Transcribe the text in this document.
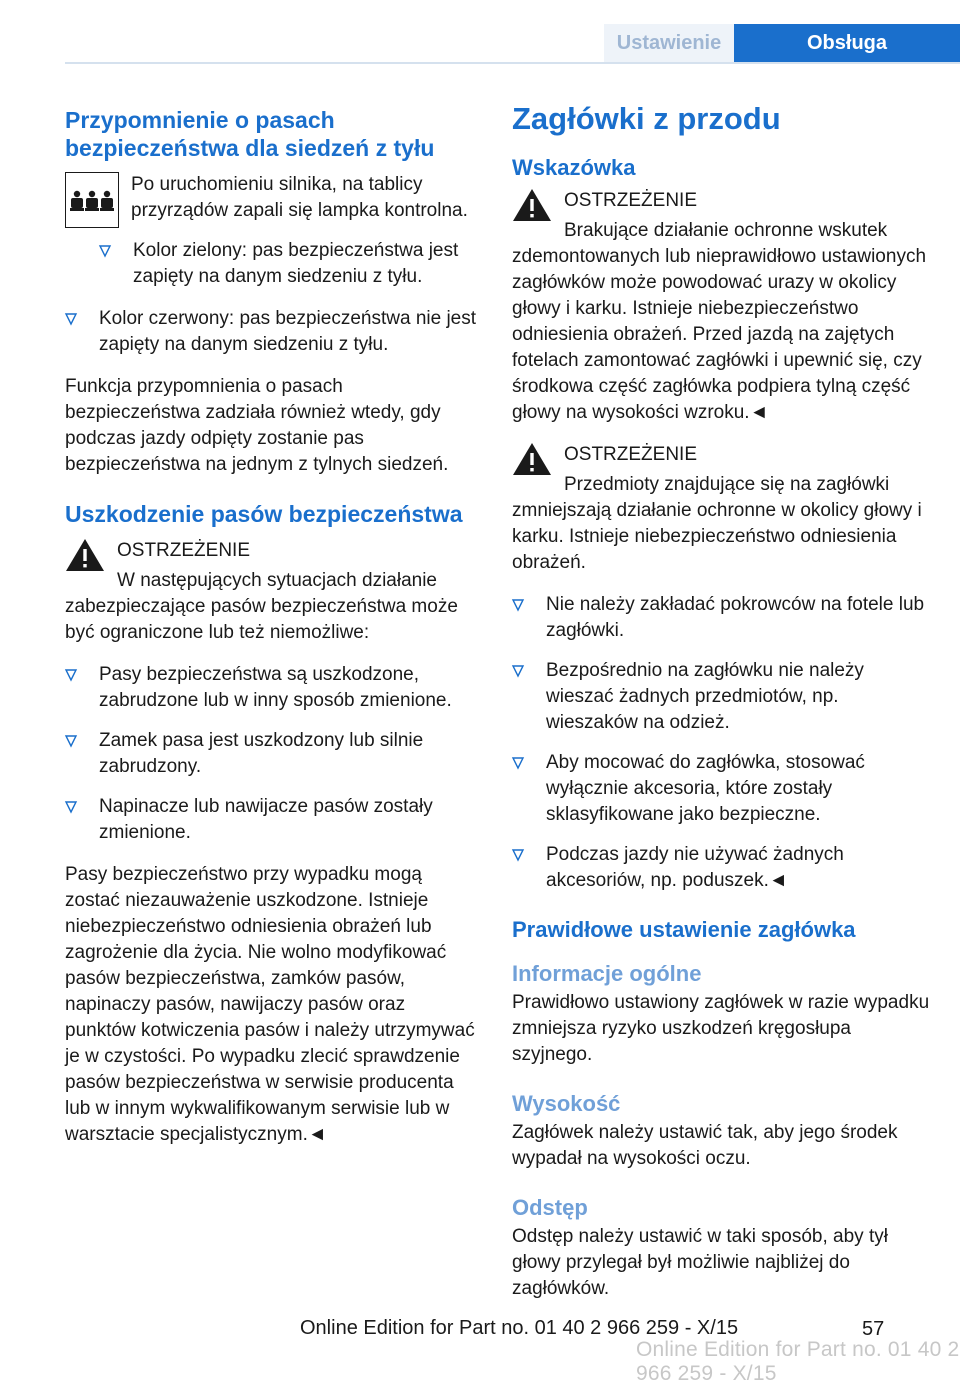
Ustawienie	Obsługa
Przypomnienie o pasach bezpieczeństwa dla siedzeń z tyłu
Po uruchomieniu silnika, na tablicy przyrządów zapali się lampka kontrolna.
Kolor zielony: pas bezpieczeństwa jest zapięty na danym siedzeniu z tyłu.
Kolor czerwony: pas bezpieczeństwa nie jest zapięty na danym siedzeniu z tyłu.
Funkcja przypomnienia o pasach bezpieczeństwa zadziała również wtedy, gdy podczas jazdy odpięty zostanie pas bezpieczeństwa na jednym z tylnych siedzeń.
Uszkodzenie pasów bezpieczeństwa
OSTRZEŻENIE
W następujących sytuacjach działanie zabezpieczające pasów bezpieczeństwa może być ograniczone lub też niemożliwe:
Pasy bezpieczeństwa są uszkodzone, zabrudzone lub w inny sposób zmienione.
Zamek pasa jest uszkodzony lub silnie zabrudzony.
Napinacze lub nawijacze pasów zostały zmienione.
Pasy bezpieczeństwo przy wypadku mogą zostać niezauważenie uszkodzone. Istnieje niebezpieczeństwo odniesienia obrażeń lub zagrożenie dla życia. Nie wolno modyfikować pasów bezpieczeństwa, zamków pasów, napinaczy pasów, nawijaczy pasów oraz punktów kotwiczenia pasów i należy utrzymywać je w czystości. Po wypadku zlecić sprawdzenie pasów bezpieczeństwa w serwisie producenta lub w innym wykwalifikowanym serwisie lub w warsztacie specjalistycznym.◄
Zagłówki z przodu
Wskazówka
OSTRZEŻENIE
Brakujące działanie ochronne wskutek zdemontowanych lub nieprawidłowo ustawionych zagłówków może powodować urazy w okolicy głowy i karku. Istnieje niebezpieczeństwo odniesienia obrażeń. Przed jazdą na zajętych fotelach zamontować zagłówki i upewnić się, czy środkowa część zagłówka podpiera tylną część głowy na wysokości wzroku.◄
OSTRZEŻENIE
Przedmioty znajdujące się na zagłówki zmniejszają działanie ochronne w okolicy głowy i karku. Istnieje niebezpieczeństwo odniesienia obrażeń.
Nie należy zakładać pokrowców na fotele lub zagłówki.
Bezpośrednio na zagłówku nie należy wieszać żadnych przedmiotów, np. wieszaków na odzież.
Aby mocować do zagłówka, stosować wyłącznie akcesoria, które zostały sklasyfikowane jako bezpieczne.
Podczas jazdy nie używać żadnych akcesoriów, np. poduszek.◄
Prawidłowe ustawienie zagłówka
Informacje ogólne
Prawidłowo ustawiony zagłówek w razie wypadku zmniejsza ryzyko uszkodzeń kręgosłupa szyjnego.
Wysokość
Zagłówek należy ustawić tak, aby jego środek wypadał na wysokości oczu.
Odstęp
Odstęp należy ustawić w taki sposób, aby tył głowy przylegał był możliwie najbliżej do zagłówków.
Online Edition for Part no. 01 40 2 966 259 - X/15	57
Online Edition for Part no. 01 40 2 966 259 - X/15
